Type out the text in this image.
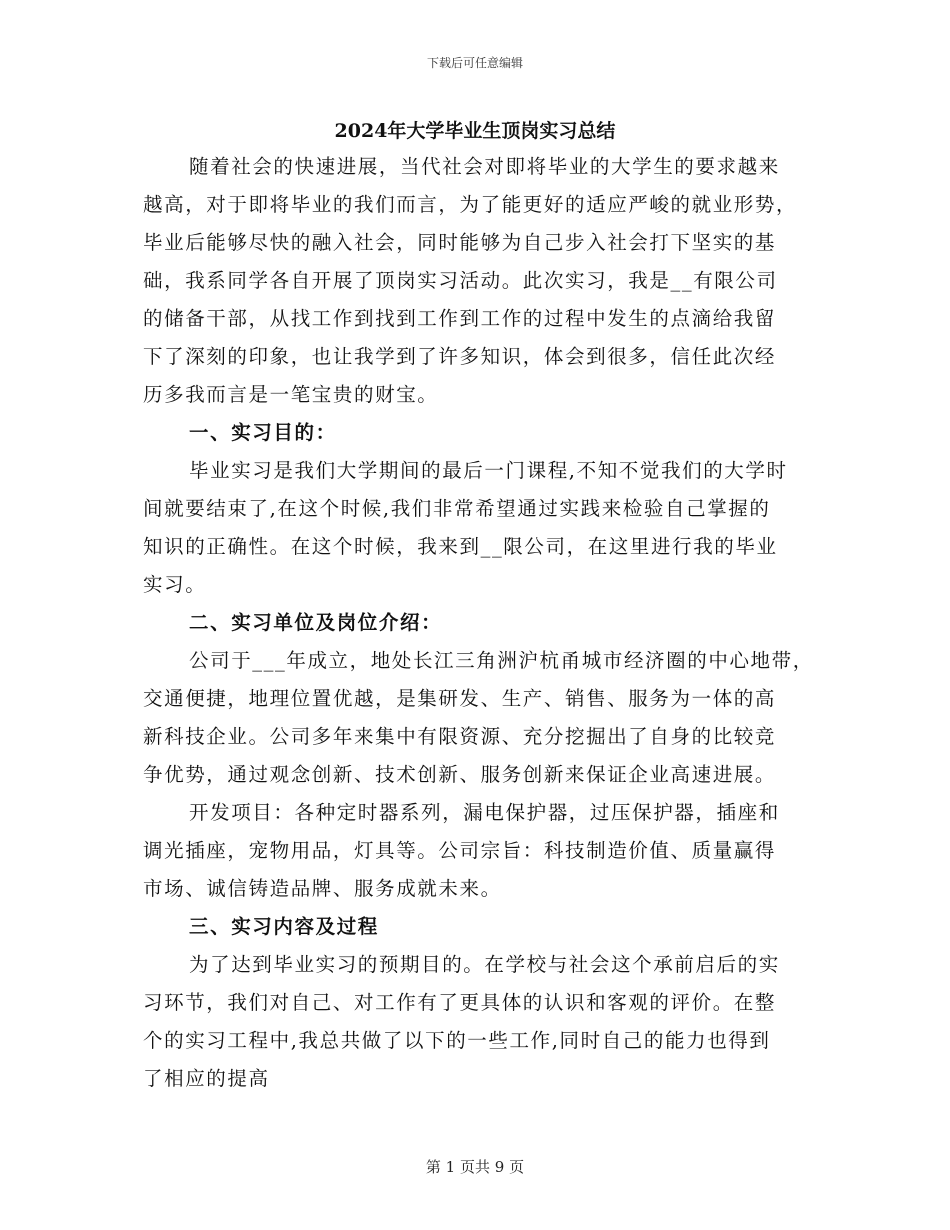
下载后可任意编辑
2024年大学毕业生顶岗实习总结
随着社会的快速进展，当代社会对即将毕业的大学生的要求越来
越高，对于即将毕业的我们而言，为了能更好的适应严峻的就业形势，
毕业后能够尽快的融入社会，同时能够为自己步入社会打下坚实的基
础，我系同学各自开展了顶岗实习活动。此次实习，我是__有限公司
的储备干部，从找工作到找到工作到工作的过程中发生的点滴给我留
下了深刻的印象，也让我学到了许多知识，体会到很多，信任此次经
历多我而言是一笔宝贵的财宝。
一、实习目的：
毕业实习是我们大学期间的最后一门课程,不知不觉我们的大学时
间就要结束了,在这个时候,我们非常希望通过实践来检验自己掌握的
知识的正确性。在这个时候，我来到__限公司，在这里进行我的毕业
实习。
二、实习单位及岗位介绍：
公司于___年成立，地处长江三角洲沪杭甬城市经济圈的中心地带，
交通便捷，地理位置优越，是集研发、生产、销售、服务为一体的高
新科技企业。公司多年来集中有限资源、充分挖掘出了自身的比较竞
争优势，通过观念创新、技术创新、服务创新来保证企业高速进展。
开发项目：各种定时器系列，漏电保护器，过压保护器，插座和
调光插座，宠物用品，灯具等。公司宗旨：科技制造价值、质量赢得
市场、诚信铸造品牌、服务成就未来。
三、实习内容及过程
为了达到毕业实习的预期目的。在学校与社会这个承前启后的实
习环节，我们对自己、对工作有了更具体的认识和客观的评价。在整
个的实习工程中,我总共做了以下的一些工作,同时自己的能力也得到
了相应的提高
第 1 页共 9 页
